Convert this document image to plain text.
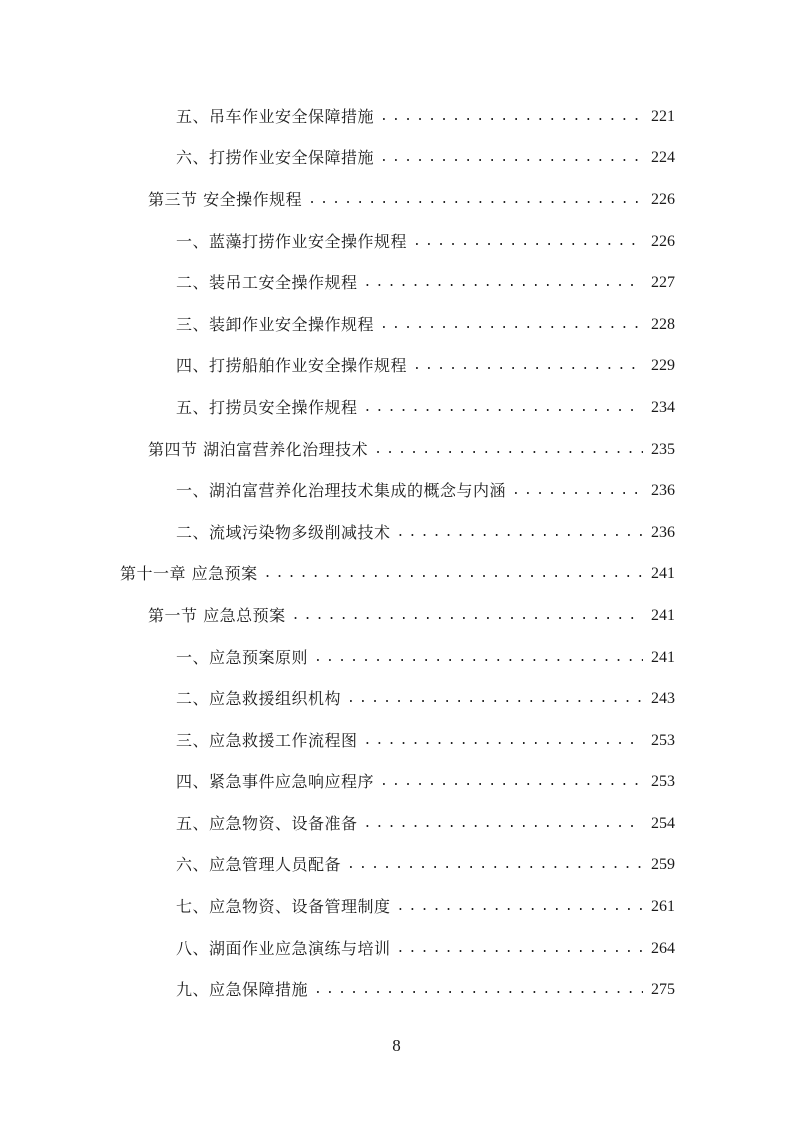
五、吊车作业安全保障措施 .....	221
六、打捞作业安全保障措施 .....	224
第三节 安全操作规程 .....	226
一、蓝藻打捞作业安全操作规程 .....	226
二、装吊工安全操作规程 .....	227
三、装卸作业安全操作规程 .....	228
四、打捞船舶作业安全操作规程 .....	229
五、打捞员安全操作规程 .....	234
第四节 湖泊富营养化治理技术 .....	235
一、湖泊富营养化治理技术集成的概念与内涵 .....	236
二、流域污染物多级削减技术 .....	236
第十一章 应急预案 .....	241
第一节 应急总预案 .....	241
一、应急预案原则 .....	241
二、应急救援组织机构 .....	243
三、应急救援工作流程图 .....	253
四、紧急事件应急响应程序 .....	253
五、应急物资、设备准备 .....	254
六、应急管理人员配备 .....	259
七、应急物资、设备管理制度 .....	261
八、湖面作业应急演练与培训 .....	264
九、应急保障措施 .....	275
8
